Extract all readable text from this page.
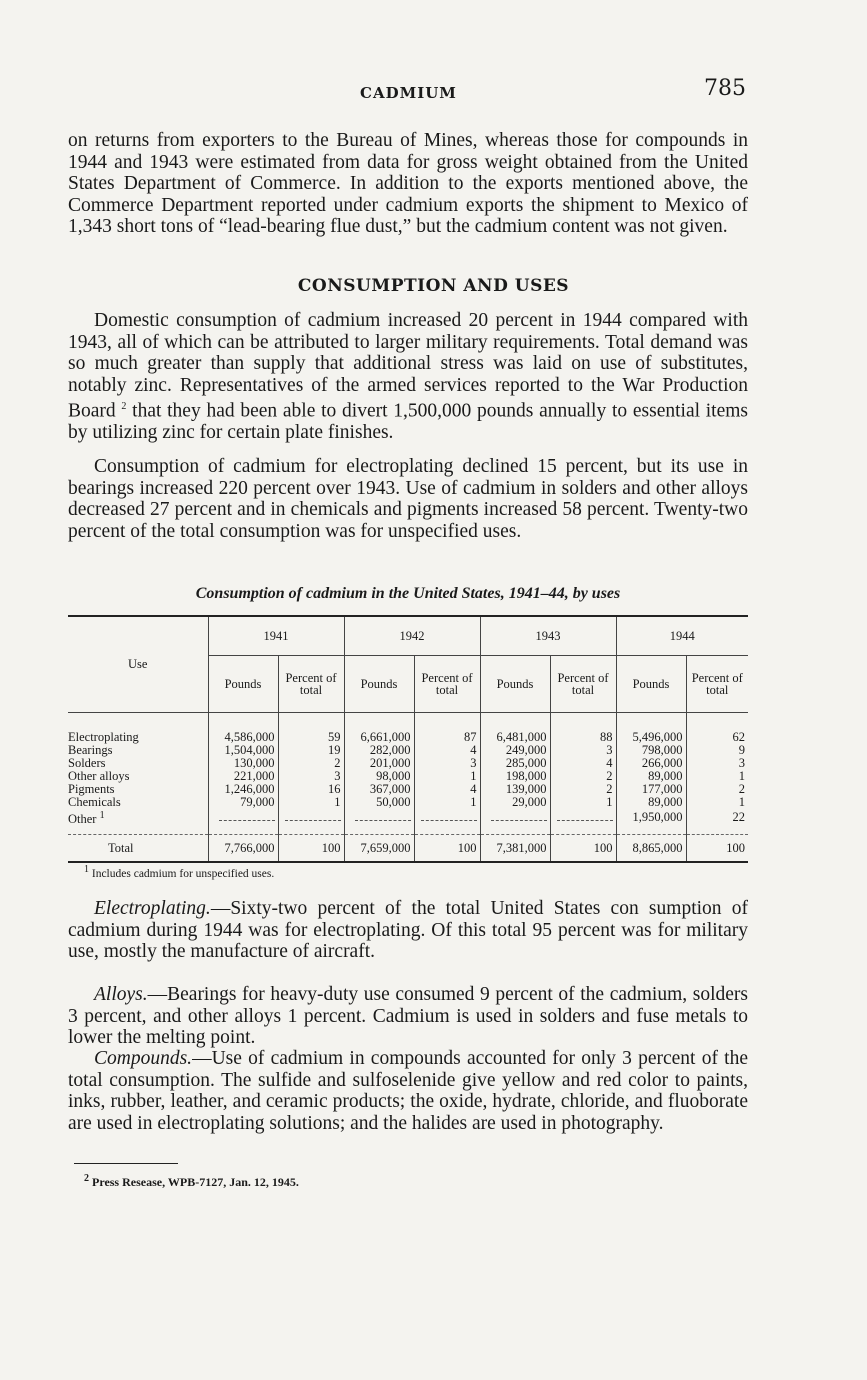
CADMIUM	785

on returns from exporters to the Bureau of Mines, whereas those for compounds in 1944 and 1943 were estimated from data for gross weight obtained from the United States Department of Commerce. In addition to the exports mentioned above, the Commerce Department reported under cadmium exports the shipment to Mexico of 1,343 short tons of “lead-bearing flue dust,” but the cadmium content was not given.

CONSUMPTION AND USES

Domestic consumption of cadmium increased 20 percent in 1944 compared with 1943, all of which can be attributed to larger military requirements. Total demand was so much greater than supply that additional stress was laid on use of substitutes, notably zinc. Representatives of the armed services reported to the War Production Board $^2$ that they had been able to divert 1,500,000 pounds annually to essential items by utilizing zinc for certain plate finishes.

Consumption of cadmium for electroplating declined 15 percent, but its use in bearings increased 220 percent over 1943. Use of cadmium in solders and other alloys decreased 27 percent and in chemicals and pigments increased 58 percent. Twenty-two percent of the total consumption was for unspecified uses.

Consumption of cadmium in the United States, 1941–44, by uses
Use	1941		1942		1943		1944	
	Pounds	Percent of total	Pounds	Percent of total	Pounds	Percent of total	Pounds	Percent of total
Electroplating	4,586,000	59	6,661,000	87	6,481,000	88	5,496,000	62
Bearings	1,504,000	19	282,000	4	249,000	3	798,000	9
Solders	130,000	2	201,000	3	285,000	4	266,000	3
Other alloys	221,000	3	98,000	1	198,000	2	89,000	1
Pigments	1,246,000	16	367,000	4	139,000	2	177,000	2
Chemicals	79,000	1	50,000	1	29,000	1	89,000	1
Other $^1$							1,950,000	22
Total	7,766,000	100	7,659,000	100	7,381,000	100	8,865,000	100
$^1$ Includes cadmium for unspecified uses.

Electroplating.—Sixty-two percent of the total United States con sumption of cadmium during 1944 was for electroplating. Of this total 95 percent was for military use, mostly the manufacture of aircraft.

Alloys.—Bearings for heavy-duty use consumed 9 percent of the cadmium, solders 3 percent, and other alloys 1 percent. Cadmium is used in solders and fuse metals to lower the melting point.

Compounds.—Use of cadmium in compounds accounted for only 3 percent of the total consumption. The sulfide and sulfoselenide give yellow and red color to paints, inks, rubber, leather, and ceramic products; the oxide, hydrate, chloride, and fluoborate are used in electroplating solutions; and the halides are used in photography.

$^2$ Press Resease, WPB-7127, Jan. 12, 1945.
